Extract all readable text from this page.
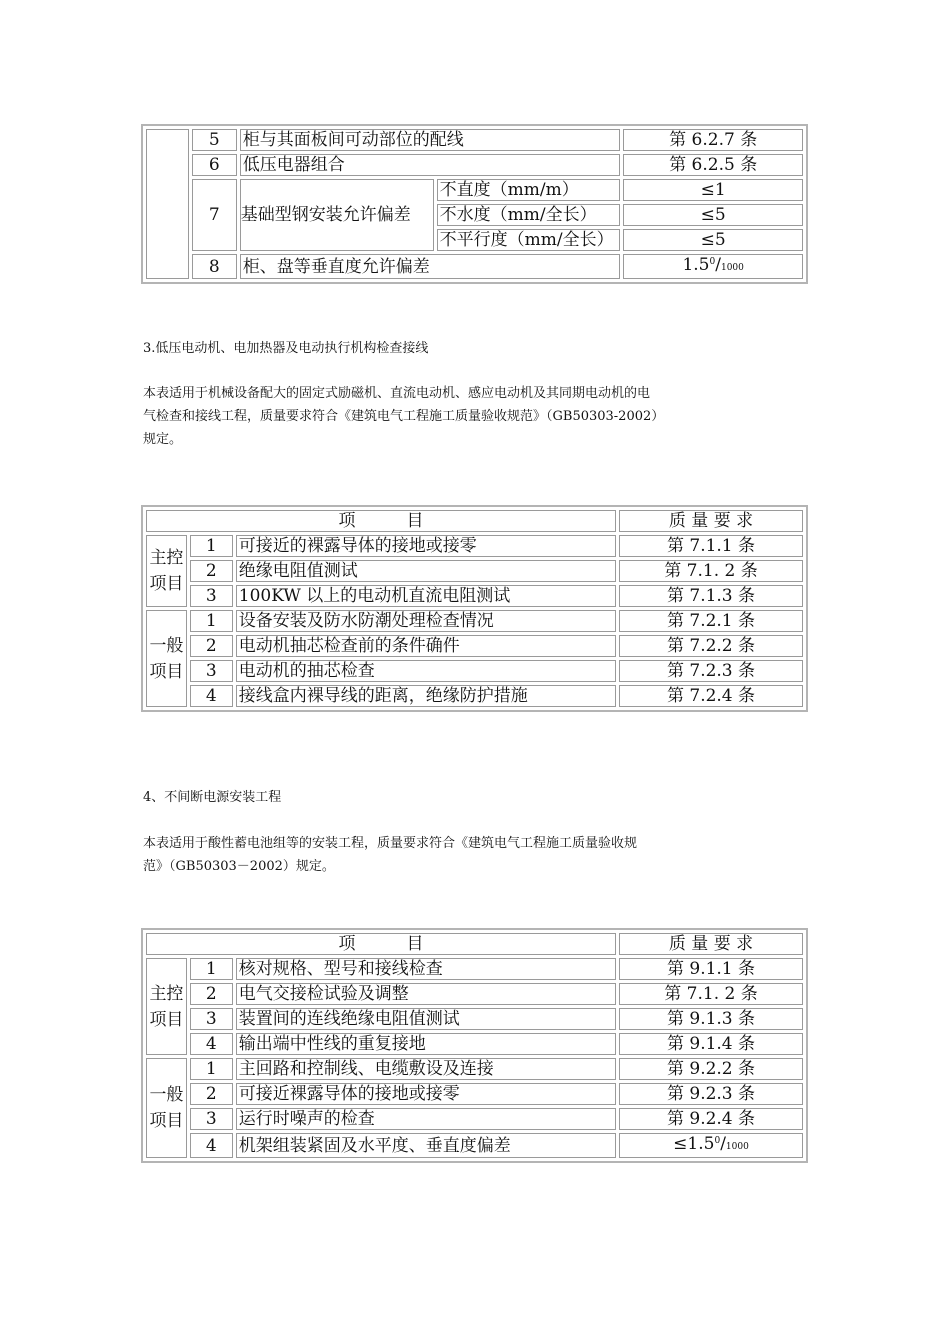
	5	柜与其面板间可动部位的配线		第 6.2.7 条
	6	低压电器组合		第 6.2.5 条
	7	基础型钢安装允许偏差	不直度（mm/m）	≤1
			不水度（mm/全长）	≤5
			不平行度（mm/全长）	≤5
	8	柜、盘等垂直度允许偏差		$1.5^0/1000$

3.低压电动机、电加热器及电动执行机构检查接线

本表适用于机械设备配大的固定式励磁机、直流电动机、感应电动机及其同期电动机的电

气检查和接线工程，质量要求符合《建筑电气工程施工质量验收规范》（GB50303-2002）

规定。

项　　　目			质 量 要 求
主控项目	1	可接近的裸露导体的接地或接零	第 7.1.1 条
	2	绝缘电阻值测试	第 7.1. 2 条
	3	100KW 以上的电动机直流电阻测试	第 7.1.3 条
一般项目	1	设备安装及防水防潮处理检查情况	第 7.2.1 条
	2	电动机抽芯检查前的条件确件	第 7.2.2 条
	3	电动机的抽芯检查	第 7.2.3 条
	4	接线盒内裸导线的距离，绝缘防护措施	第 7.2.4 条

4、不间断电源安装工程

本表适用于酸性蓄电池组等的安装工程，质量要求符合《建筑电气工程施工质量验收规

范》（GB50303－2002）规定。

项　　　目			质 量 要 求
主控项目	1	核对规格、型号和接线检查	第 9.1.1 条
	2	电气交接检试验及调整	第 7.1. 2 条
	3	装置间的连线绝缘电阻值测试	第 9.1.3 条
	4	输出端中性线的重复接地	第 9.1.4 条
一般项目	1	主回路和控制线、电缆敷设及连接	第 9.2.2 条
	2	可接近裸露导体的接地或接零	第 9.2.3 条
	3	运行时噪声的检查	第 9.2.4 条
	4	机架组装紧固及水平度、垂直度偏差	$\le 1.5^0/1000$
